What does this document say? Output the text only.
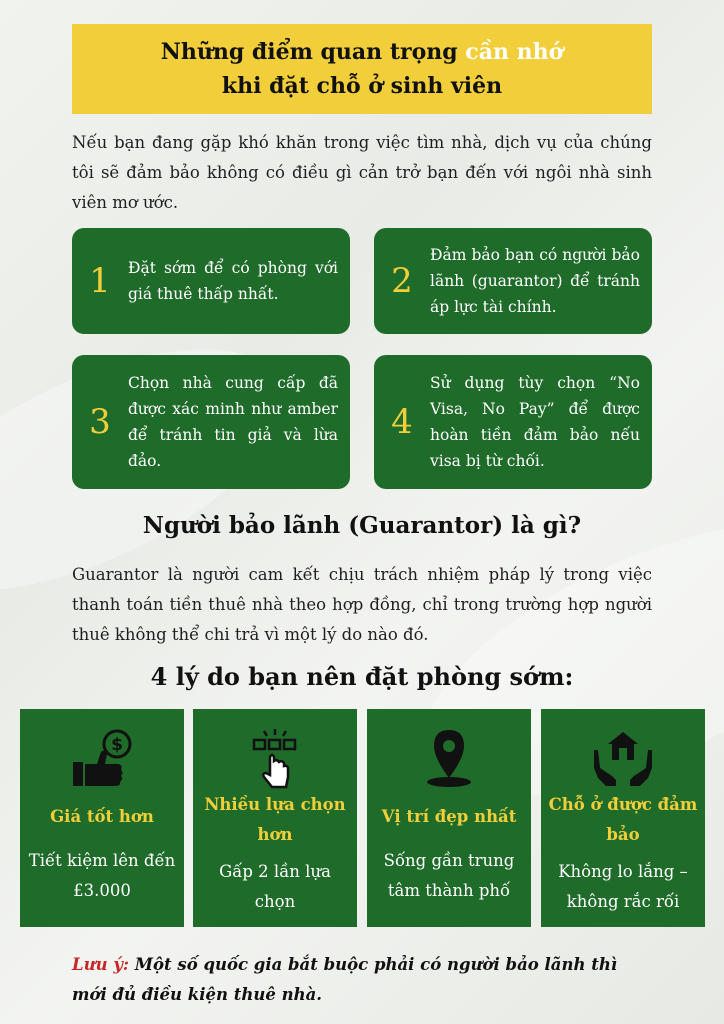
Những điểm quan trọng cần nhớ
khi đặt chỗ ở sinh viên

Nếu bạn đang gặp khó khăn trong việc tìm nhà, dịch vụ của chúng tôi sẽ đảm bảo không có điều gì cản trở bạn đến với ngôi nhà sinh viên mơ ước.

1	Đặt sớm để có phòng với giá thuê thấp nhất.	2
Đảm bảo bạn có người bảo lãnh (guarantor) để tránh áp lực tài chính.
3
Chọn nhà cung cấp đã được xác minh như amber để tránh tin giả và lừa đảo.
4
Sử dụng tùy chọn “No Visa, No Pay” để được hoàn tiền đảm bảo nếu visa bị từ chối.
Người bảo lãnh (Guarantor) là gì?

Guarantor là người cam kết chịu trách nhiệm pháp lý trong việc thanh toán tiền thuê nhà theo hợp đồng, chỉ trong trường hợp người thuê không thể chi trả vì một lý do nào đó.

4 lý do bạn nên đặt phòng sớm:
$
Giá tốt hơn
Tiết kiệm lên đến £3.000
Nhiều lựa chọn hơn
Gấp 2 lần lựa chọn
Vị trí đẹp nhất
Sống gần trung tâm thành phố
Chỗ ở được đảm bảo
Không lo lắng – không rắc rối

Lưu ý: Một số quốc gia bắt buộc phải có người bảo lãnh thì mới đủ điều kiện thuê nhà.
